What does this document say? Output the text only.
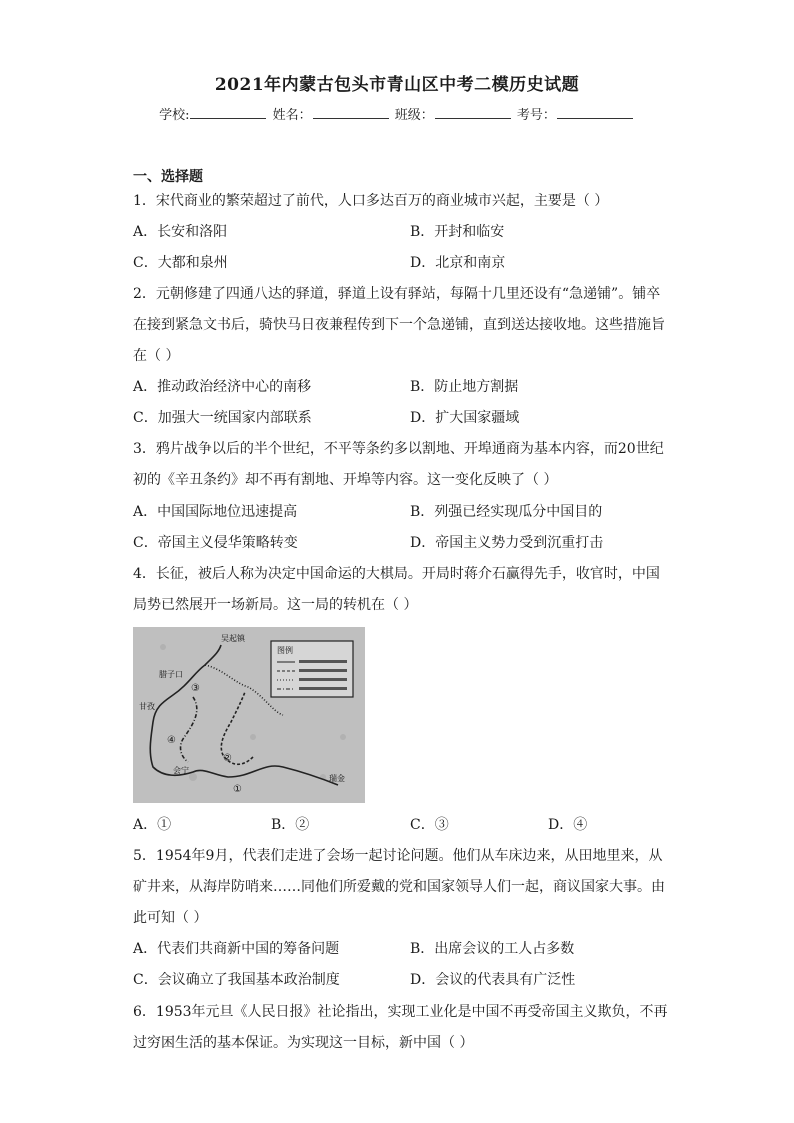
2021年内蒙古包头市青山区中考二模历史试题
学校:	姓名：	班级：	考号：
一、选择题
1．宋代商业的繁荣超过了前代，人口多达百万的商业城市兴起，主要是（ ）
A．长安和洛阳	B．开封和临安
C．大都和泉州	D．北京和南京
2．元朝修建了四通八达的驿道，驿道上设有驿站，每隔十几里还设有“急递铺”。铺卒
在接到紧急文书后，骑快马日夜兼程传到下一个急递铺，直到送达接收地。这些措施旨
在（ ）
A．推动政治经济中心的南移	B．防止地方割据
C．加强大一统国家内部联系	D．扩大国家疆域
3．鸦片战争以后的半个世纪，不平等条约多以割地、开埠通商为基本内容，而20世纪
初的《辛丑条约》却不再有割地、开埠等内容。这一变化反映了（ ）
A．中国国际地位迅速提高	B．列强已经实现瓜分中国目的
C．帝国主义侵华策略转变	D．帝国主义势力受到沉重打击
4．长征，被后人称为决定中国命运的大棋局。开局时蒋介石赢得先手，收官时，中国
局势已然展开一场新局。这一局的转机在（ ）
图例
吴起镇
腊子口
甘孜
会宁
瑞金
①
②
③
④
A．①	B．②	C．③	D．④
5．1954年9月，代表们走进了会场一起讨论问题。他们从车床边来，从田地里来，从
矿井来，从海岸防哨来……同他们所爱戴的党和国家领导人们一起，商议国家大事。由
此可知（ ）
A．代表们共商新中国的筹备问题	B．出席会议的工人占多数
C．会议确立了我国基本政治制度	D．会议的代表具有广泛性
6．1953年元旦《人民日报》社论指出，实现工业化是中国不再受帝国主义欺负，不再
过穷困生活的基本保证。为实现这一目标，新中国（ ）
